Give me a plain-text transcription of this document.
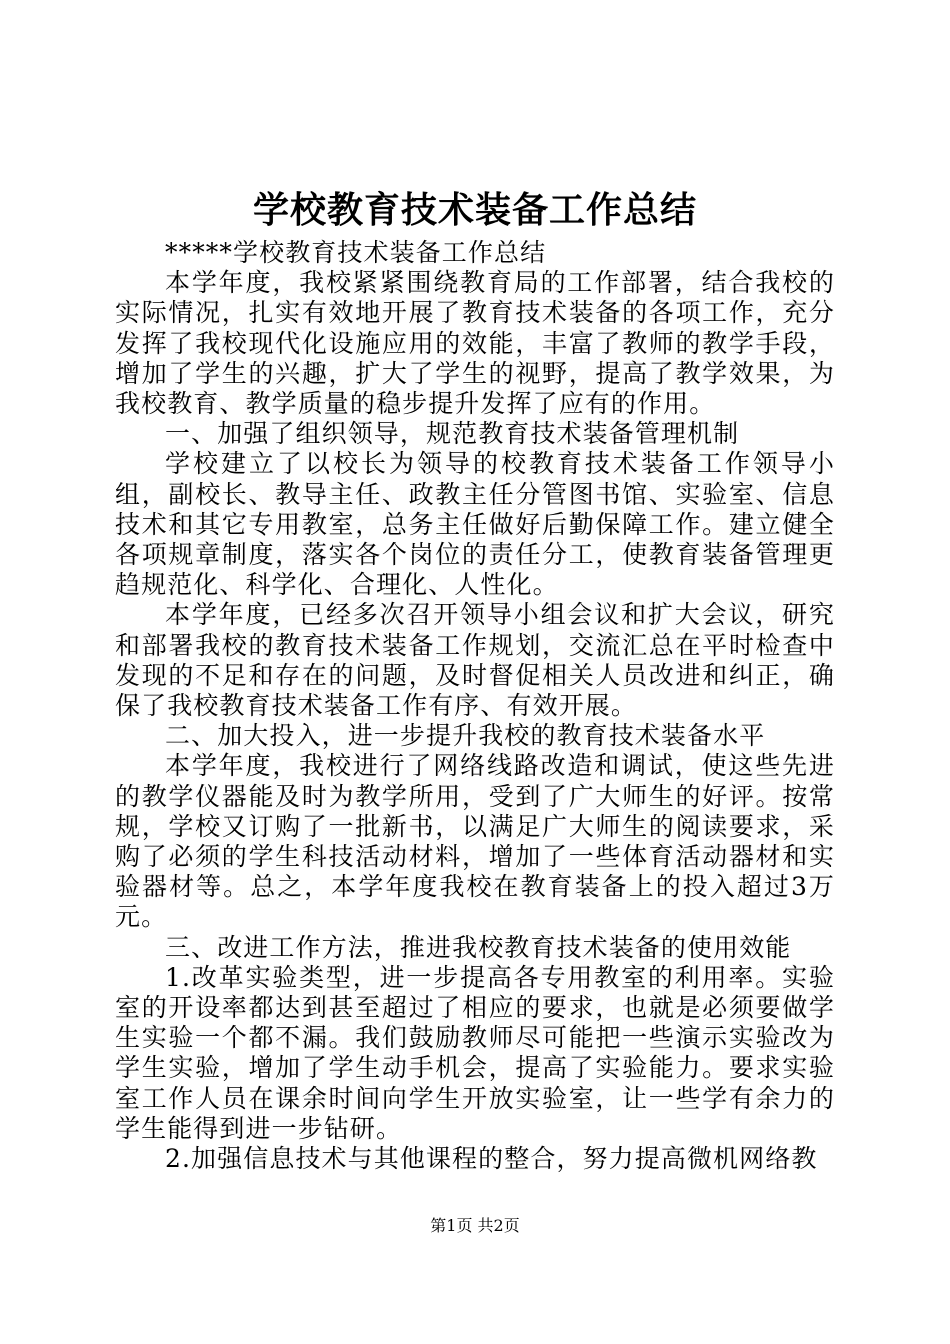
学校教育技术装备工作总结

*****学校教育技术装备工作总结

本学年度，我校紧紧围绕教育局的工作部署，结合我校的实际情况，扎实有效地开展了教育技术装备的各项工作，充分发挥了我校现代化设施应用的效能，丰富了教师的教学手段，增加了学生的兴趣，扩大了学生的视野，提高了教学效果，为我校教育、教学质量的稳步提升发挥了应有的作用。

一、加强了组织领导，规范教育技术装备管理机制

学校建立了以校长为领导的校教育技术装备工作领导小组，副校长、教导主任、政教主任分管图书馆、实验室、信息技术和其它专用教室，总务主任做好后勤保障工作。建立健全各项规章制度，落实各个岗位的责任分工，使教育装备管理更趋规范化、科学化、合理化、人性化。

本学年度，已经多次召开领导小组会议和扩大会议，研究和部署我校的教育技术装备工作规划，交流汇总在平时检查中发现的不足和存在的问题，及时督促相关人员改进和纠正，确保了我校教育技术装备工作有序、有效开展。

二、加大投入，进一步提升我校的教育技术装备水平

本学年度，我校进行了网络线路改造和调试，使这些先进的教学仪器能及时为教学所用，受到了广大师生的好评。按常规，学校又订购了一批新书，以满足广大师生的阅读要求，采购了必须的学生科技活动材料，增加了一些体育活动器材和实验器材等。总之，本学年度我校在教育装备上的投入超过3万元。

三、改进工作方法，推进我校教育技术装备的使用效能

1.改革实验类型，进一步提高各专用教室的利用率。实验室的开设率都达到甚至超过了相应的要求，也就是必须要做学生实验一个都不漏。我们鼓励教师尽可能把一些演示实验改为学生实验，增加了学生动手机会，提高了实验能力。要求实验室工作人员在课余时间向学生开放实验室，让一些学有余力的学生能得到进一步钻研。

2.加强信息技术与其他课程的整合，努力提高微机网络教

第1页 共2页
